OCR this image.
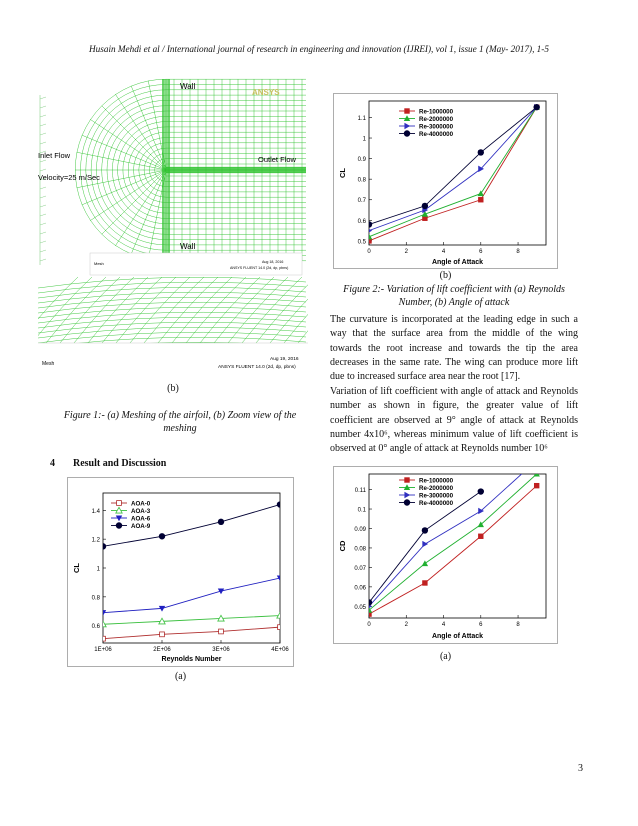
Husain Mehdi et al / International journal of research in engineering and innovation (IJREI), vol 1, issue 1 (May- 2017), 1-5
Wall
ANSYS
Inlet Flow
Velocity=25 m/Sec
Outlet Flow
Wall
Mesh	Aug 18, 2016
ANSYS FLUENT 14.0 (2d, dp, pbns)
Mesh
Aug 19, 2016
ANSYS FLUENT 14.0 (2d, dp, pbns)
(b)
Figure 1:- (a) Meshing of the airfoil, (b) Zoom view of the meshing
4 Result and Discussion
0.6
0.8
1
1.2
1.4
1E+06	2E+06	3E+06	4E+06
Reynolds Number
CL
AOA-0
AOA-3
AOA-6
AOA-9
(a)
0.5
0.6
0.7
0.8
0.9
1
1.1
0	2	4	6	8
Angle of Attack
CL
Re-1000000
Re-2000000
Re-3000000
Re-4000000
(b)
Figure 2:- Variation of lift coefficient with (a) Reynolds Number, (b) Angle of attack
The curvature is incorporated at the leading edge in such a way that the surface area from the middle of the wing towards the root increase and towards the tip the area decreases in the same rate. The wing can produce more lift due to increased surface area near the root [17].
Variation of lift coefficient with angle of attack and Reynolds number as shown in figure, the greater value of lift coefficient are observed at 9° angle of attack at Reynolds number 4x10⁶, whereas minimum value of lift coefficient is observed at 0° angle of attack at Reynolds number 10⁶
0.05
0.06
0.07
0.08
0.09
0.1
0.11
0	2	4	6	8
Angle of Attack
CD
Re-1000000
Re-2000000
Re-3000000
Re-4000000
(a)
3
